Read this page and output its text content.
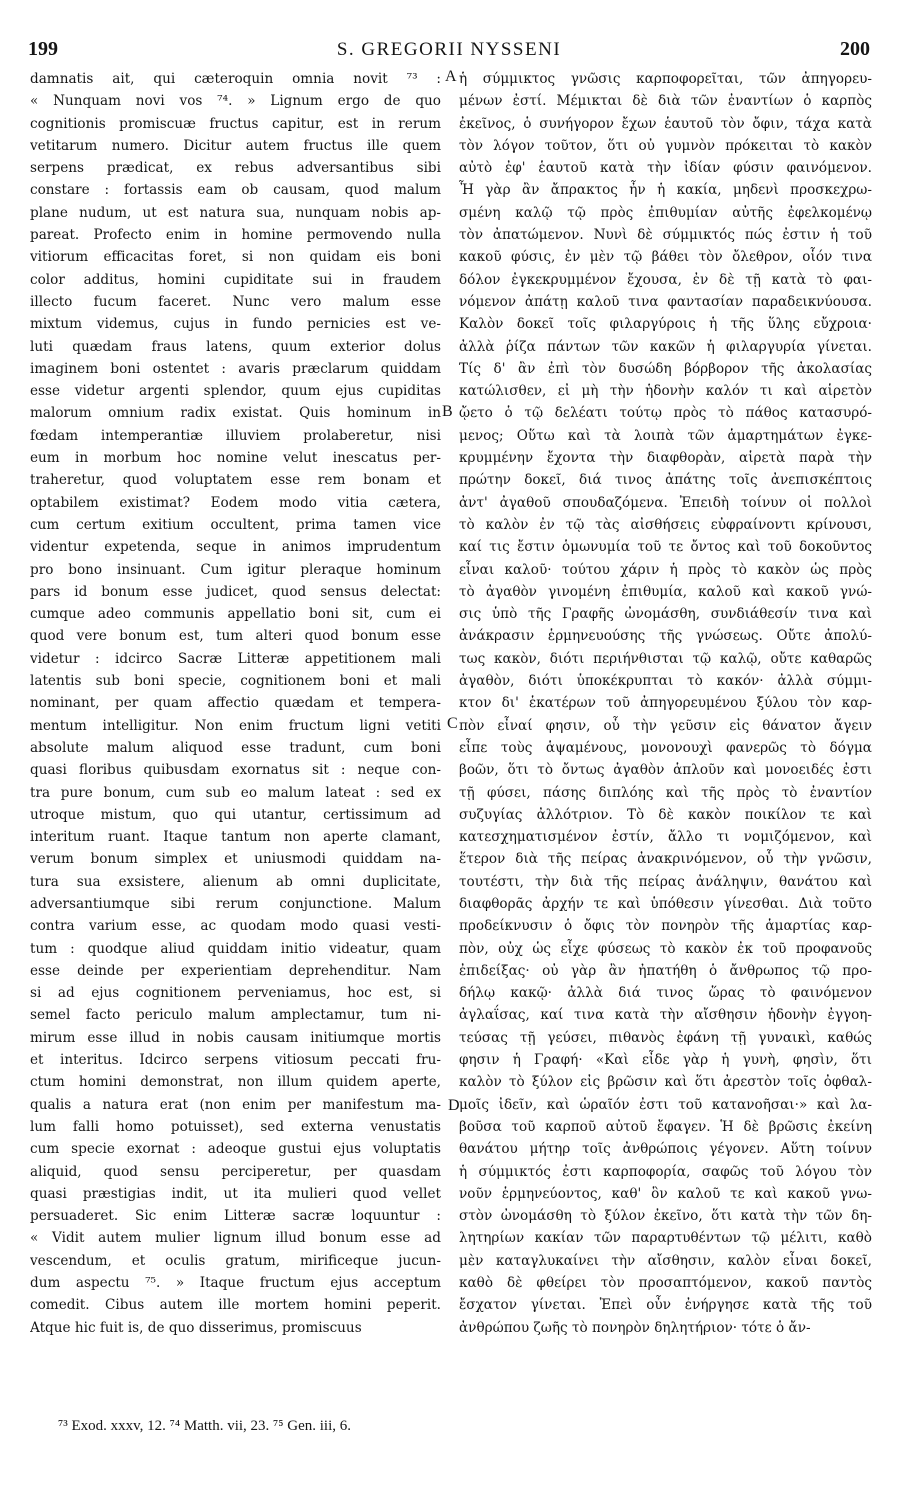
199	S. GREGORII NYSSENI	200
damnatis ait, qui cæteroquin omnia novit ⁷³ :
« Nunquam novi vos ⁷⁴. » Lignum ergo de quo
cognitionis promiscuæ fructus capitur, est in rerum
vetitarum numero. Dicitur autem fructus ille quem
serpens prædicat, ex rebus adversantibus sibi
constare : fortassis eam ob causam, quod malum
plane nudum, ut est natura sua, nunquam nobis ap-
pareat. Profecto enim in homine permovendo nulla
vitiorum efficacitas foret, si non quidam eis boni
color additus, homini cupiditate sui in fraudem
illecto fucum faceret. Nunc vero malum esse
mixtum videmus, cujus in fundo pernicies est ve-
luti quædam fraus latens, quum exterior dolus
imaginem boni ostentet : avaris præclarum quiddam
esse videtur argenti splendor, quum ejus cupiditas
malorum omnium radix existat. Quis hominum in
fœdam intemperantiæ illuviem prolaberetur, nisi
eum in morbum hoc nomine velut inescatus per-
traheretur, quod voluptatem esse rem bonam et
optabilem existimat? Eodem modo vitia cætera,
cum certum exitium occultent, prima tamen vice
videntur expetenda, seque in animos imprudentum
pro bono insinuant. Cum igitur pleraque hominum
pars id bonum esse judicet, quod sensus delectat:
cumque adeo communis appellatio boni sit, cum ei
quod vere bonum est, tum alteri quod bonum esse
videtur : idcirco Sacræ Litteræ appetitionem mali
latentis sub boni specie, cognitionem boni et mali
nominant, per quam affectio quædam et tempera-
mentum intelligitur. Non enim fructum ligni vetiti
absolute malum aliquod esse tradunt, cum boni
quasi floribus quibusdam exornatus sit : neque con-
tra pure bonum, cum sub eo malum lateat : sed ex
utroque mistum, quo qui utantur, certissimum ad
interitum ruant. Itaque tantum non aperte clamant,
verum bonum simplex et uniusmodi quiddam na-
tura sua exsistere, alienum ab omni duplicitate,
adversantiumque sibi rerum conjunctione. Malum
contra varium esse, ac quodam modo quasi vesti-
tum : quodque aliud quiddam initio videatur, quam
esse deinde per experientiam deprehenditur. Nam
si ad ejus cognitionem perveniamus, hoc est, si
semel facto periculo malum amplectamur, tum ni-
mirum esse illud in nobis causam initiumque mortis
et interitus. Idcirco serpens vitiosum peccati fru-
ctum homini demonstrat, non illum quidem aperte,
qualis a natura erat (non enim per manifestum ma-
lum falli homo potuisset), sed externa venustatis
cum specie exornat : adeoque gustui ejus voluptatis
aliquid, quod sensu perciperetur, per quasdam
quasi præstigias indit, ut ita mulieri quod vellet
persuaderet. Sic enim Litteræ sacræ loquuntur :
« Vidit autem mulier lignum illud bonum esse ad
vescendum, et oculis gratum, mirificeque jucun-
dum aspectu ⁷⁵. » Itaque fructum ejus acceptum
comedit. Cibus autem ille mortem homini peperit.
Atque hic fuit is, de quo disserimus, promiscuus
ἡ σύμμικτος γνῶσις καρποφορεῖται, τῶν ἀπηγορευ-
μένων ἐστί. Μέμικται δὲ διὰ τῶν ἐναντίων ὁ καρπὸς
ἐκεῖνος, ὁ συνήγορον ἔχων ἑαυτοῦ τὸν ὄφιν, τάχα κατὰ
τὸν λόγον τοῦτον, ὅτι οὐ γυμνὸν πρόκειται τὸ κακὸν
αὐτὸ ἐφ' ἑαυτοῦ κατὰ τὴν ἰδίαν φύσιν φαινόμενον.
Ἦ γὰρ ἂν ἄπρακτος ἦν ἡ κακία, μηδενὶ προσκεχρω-
σμένη καλῷ τῷ πρὸς ἐπιθυμίαν αὐτῆς ἐφελκομένῳ
τὸν ἀπατώμενον. Νυνὶ δὲ σύμμικτός πώς ἐστιν ἡ τοῦ
κακοῦ φύσις, ἐν μὲν τῷ βάθει τὸν ὄλεθρον, οἷόν τινα
δόλον ἐγκεκρυμμένον ἔχουσα, ἐν δὲ τῇ κατὰ τὸ φαι-
νόμενον ἀπάτῃ καλοῦ τινα φαντασίαν παραδεικνύουσα.
Καλὸν δοκεῖ τοῖς φιλαργύροις ἡ τῆς ὕλης εὔχροια·
ἀλλὰ ῥίζα πάντων τῶν κακῶν ἡ φιλαργυρία γίνεται.
Τίς δ' ἂν ἐπὶ τὸν δυσώδη βόρβορον τῆς ἀκολασίας
κατώλισθεν, εἰ μὴ τὴν ἡδονὴν καλόν τι καὶ αἱρετὸν
ᾤετο ὁ τῷ δελέατι τούτῳ πρὸς τὸ πάθος κατασυρό-
μενος; Οὕτω καὶ τὰ λοιπὰ τῶν ἁμαρτημάτων ἐγκε-
κρυμμένην ἔχοντα τὴν διαφθορὰν, αἱρετὰ παρὰ τὴν
πρώτην δοκεῖ, διά τινος ἀπάτης τοῖς ἀνεπισκέπτοις
ἀντ' ἀγαθοῦ σπουδαζόμενα. Ἐπειδὴ τοίνυν οἱ πολλοὶ
τὸ καλὸν ἐν τῷ τὰς αἰσθήσεις εὐφραίνοντι κρίνουσι,
καί τις ἔστιν ὁμωνυμία τοῦ τε ὄντος καὶ τοῦ δοκοῦντος
εἶναι καλοῦ· τούτου χάριν ἡ πρὸς τὸ κακὸν ὡς πρὸς
τὸ ἀγαθὸν γινομένη ἐπιθυμία, καλοῦ καὶ κακοῦ γνώ-
σις ὑπὸ τῆς Γραφῆς ὠνομάσθη, συνδιάθεσίν τινα καὶ
ἀνάκρασιν ἑρμηνευούσης τῆς γνώσεως. Οὔτε ἀπολύ-
τως κακὸν, διότι περιήνθισται τῷ καλῷ, οὔτε καθαρῶς
ἀγαθὸν, διότι ὑποκέκρυπται τὸ κακόν· ἀλλὰ σύμμι-
κτον δι' ἑκατέρων τοῦ ἀπηγορευμένου ξύλου τὸν καρ-
πὸν εἶναί φησιν, οὗ τὴν γεῦσιν εἰς θάνατον ἄγειν
εἶπε τοὺς ἁψαμένους, μονονουχὶ φανερῶς τὸ δόγμα
βοῶν, ὅτι τὸ ὄντως ἀγαθὸν ἁπλοῦν καὶ μονοειδές ἐστι
τῇ φύσει, πάσης διπλόης καὶ τῆς πρὸς τὸ ἐναντίον
συζυγίας ἀλλότριον. Τὸ δὲ κακὸν ποικίλον τε καὶ
κατεσχηματισμένον ἐστίν, ἄλλο τι νομιζόμενον, καὶ
ἕτερον διὰ τῆς πείρας ἀνακρινόμενον, οὗ τὴν γνῶσιν,
τουτέστι, τὴν διὰ τῆς πείρας ἀνάληψιν, θανάτου καὶ
διαφθορᾶς ἀρχήν τε καὶ ὑπόθεσιν γίνεσθαι. Διὰ τοῦτο
προδείκνυσιν ὁ ὄφις τὸν πονηρὸν τῆς ἁμαρτίας καρ-
πὸν, οὐχ ὡς εἶχε φύσεως τὸ κακὸν ἐκ τοῦ προφανοῦς
ἐπιδείξας· οὐ γὰρ ἂν ἠπατήθη ὁ ἄνθρωπος τῷ προ-
δήλῳ κακῷ· ἀλλὰ διά τινος ὥρας τὸ φαινόμενον
ἀγλαΐσας, καί τινα κατὰ τὴν αἴσθησιν ἡδονὴν ἐγγοη-
τεύσας τῇ γεύσει, πιθανὸς ἐφάνη τῇ γυναικὶ, καθώς
φησιν ἡ Γραφή· «Καὶ εἶδε γὰρ ἡ γυνὴ, φησὶν, ὅτι
καλὸν τὸ ξύλον εἰς βρῶσιν καὶ ὅτι ἀρεστὸν τοῖς ὀφθαλ-
μοῖς ἰδεῖν, καὶ ὡραῖόν ἐστι τοῦ κατανοῆσαι·» καὶ λα-
βοῦσα τοῦ καρποῦ αὐτοῦ ἔφαγεν. Ἡ δὲ βρῶσις ἐκείνη
θανάτου μήτηρ τοῖς ἀνθρώποις γέγονεν. Αὕτη τοίνυν
ἡ σύμμικτός ἐστι καρποφορία, σαφῶς τοῦ λόγου τὸν
νοῦν ἑρμηνεύοντος, καθ' ὃν καλοῦ τε καὶ κακοῦ γνω-
στὸν ὠνομάσθη τὸ ξύλον ἐκεῖνο, ὅτι κατὰ τὴν τῶν δη-
λητηρίων κακίαν τῶν παραρτυθέντων τῷ μέλιτι, καθὸ
μὲν καταγλυκαίνει τὴν αἴσθησιν, καλὸν εἶναι δοκεῖ,
καθὸ δὲ φθείρει τὸν προσαπτόμενον, κακοῦ παντὸς
ἔσχατον γίνεται. Ἐπεὶ οὖν ἐνήργησε κατὰ τῆς τοῦ
ἀνθρώπου ζωῆς τὸ πονηρὸν δηλητήριον· τότε ὁ ἄν-
A
B
C
D
⁷³ Exod. xxxv, 12. ⁷⁴ Matth. vii, 23. ⁷⁵ Gen. iii, 6.
